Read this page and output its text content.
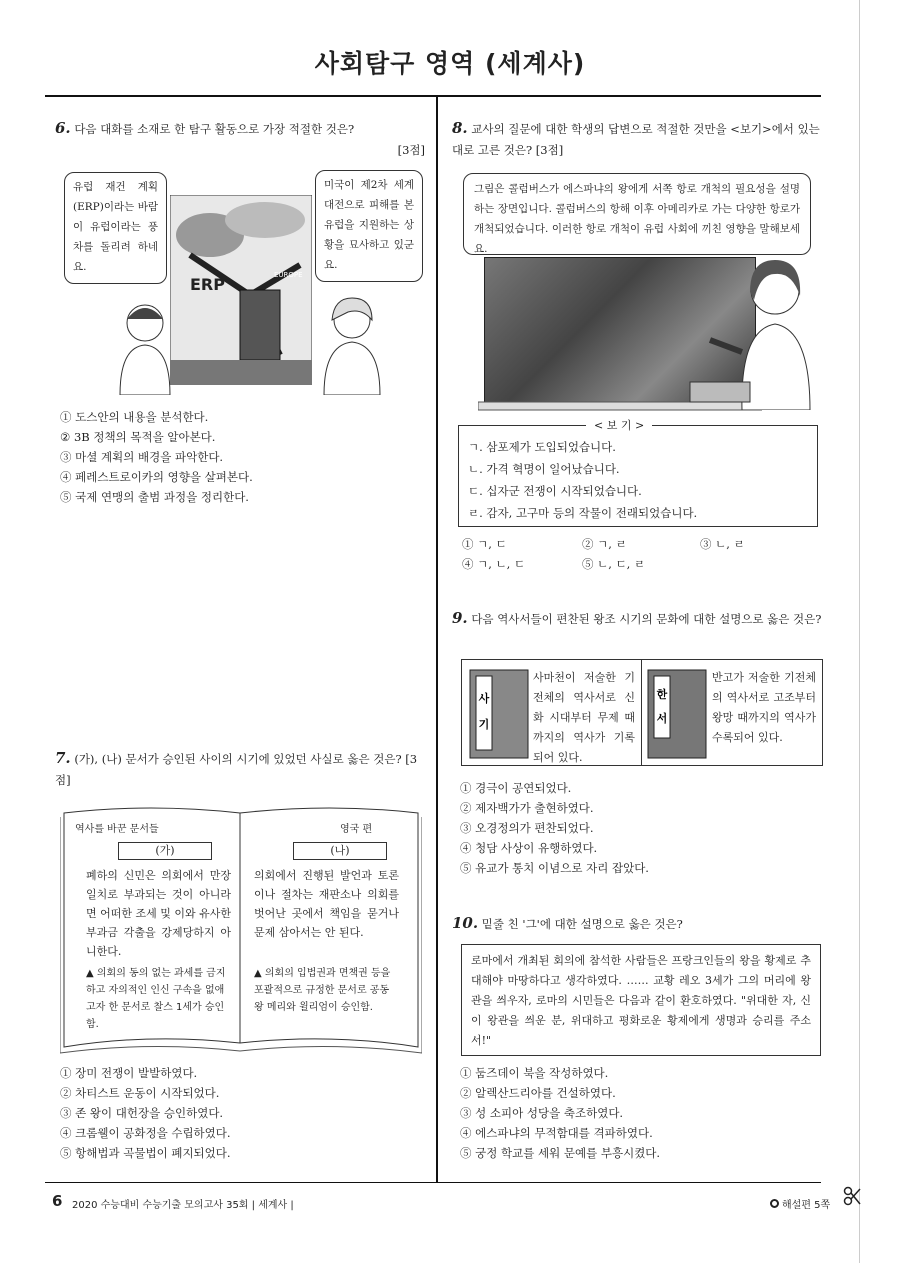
사회탐구 영역 (세계사)
6. 다음 대화를 소재로 한 탐구 활동으로 가장 적절한 것은?
[3점]
유럽 재건 계획(ERP)이라는 바람이 유럽이라는 풍차를 돌리려 하네요.
미국이 제2차 세계 대전으로 피해를 본 유럽을 지원하는 상황을 묘사하고 있군요.
ERP	EUROPE
① 도스안의 내용을 분석한다.
② 3B 정책의 목적을 알아본다.
③ 마셜 계획의 배경을 파악한다.
④ 페레스트로이카의 영향을 살펴본다.
⑤ 국제 연맹의 출범 과정을 정리한다.
7. (가), (나) 문서가 승인된 사이의 시기에 있었던 사실로 옳은 것은? [3점]
역사를 바꾼 문서들	영국 편
(가)	(나)
폐하의 신민은 의회에서 만장일치로 부과되는 것이 아니라면 어떠한 조세 및 이와 유사한 부과금 각출을 강제당하지 아니한다.
의회에서 진행된 발언과 토론이나 절차는 재판소나 의회를 벗어난 곳에서 책임을 묻거나 문제 삼아서는 안 된다.
▲ 의회의 동의 없는 과세를 금지하고 자의적인 인신 구속을 없애고자 한 문서로 찰스 1세가 승인함.
▲ 의회의 입법권과 면책권 등을 포괄적으로 규정한 문서로 공동 왕 메리와 윌리엄이 승인함.
① 장미 전쟁이 발발하였다.
② 차티스트 운동이 시작되었다.
③ 존 왕이 대헌장을 승인하였다.
④ 크롬웰이 공화정을 수립하였다.
⑤ 항해법과 곡물법이 폐지되었다.
8. 교사의 질문에 대한 학생의 답변으로 적절한 것만을 <보기>에서 있는 대로 고른 것은? [3점]
그림은 콜럼버스가 에스파냐의 왕에게 서쪽 항로 개척의 필요성을 설명하는 장면입니다. 콜럼버스의 항해 이후 아메리카로 가는 다양한 항로가 개척되었습니다. 이러한 항로 개척이 유럽 사회에 끼친 영향을 말해보세요.
< 보 기 >
ㄱ. 삼포제가 도입되었습니다.
ㄴ. 가격 혁명이 일어났습니다.
ㄷ. 십자군 전쟁이 시작되었습니다.
ㄹ. 감자, 고구마 등의 작물이 전래되었습니다.
① ㄱ, ㄷ	② ㄱ, ㄹ	③ ㄴ, ㄹ
④ ㄱ, ㄴ, ㄷ	⑤ ㄴ, ㄷ, ㄹ
9. 다음 역사서들이 편찬된 왕조 시기의 문화에 대한 설명으로 옳은 것은?
사
기
한
서
사마천이 저술한 기전체의 역사서로 신화 시대부터 무제 때까지의 역사가 기록되어 있다.
반고가 저술한 기전체의 역사서로 고조부터 왕망 때까지의 역사가 수록되어 있다.
① 경극이 공연되었다.
② 제자백가가 출현하였다.
③ 오경정의가 편찬되었다.
④ 청담 사상이 유행하였다.
⑤ 유교가 통치 이념으로 자리 잡았다.
10. 밑줄 친 '그'에 대한 설명으로 옳은 것은?
로마에서 개최된 회의에 참석한 사람들은 프랑크인들의 왕을 황제로 추대해야 마땅하다고 생각하였다. …… 교황 레오 3세가 그의 머리에 왕관을 씌우자, 로마의 시민들은 다음과 같이 환호하였다. "위대한 자, 신이 왕관을 씌운 분, 위대하고 평화로운 황제에게 생명과 승리를 주소서!"
① 둠즈데이 북을 작성하였다.
② 알렉산드리아를 건설하였다.
③ 성 소피아 성당을 축조하였다.
④ 에스파냐의 무적함대를 격파하였다.
⑤ 궁정 학교를 세워 문예를 부흥시켰다.
6 2020 수능대비 수능기출 모의고사 35회 | 세계사 |	해설편 5쪽
